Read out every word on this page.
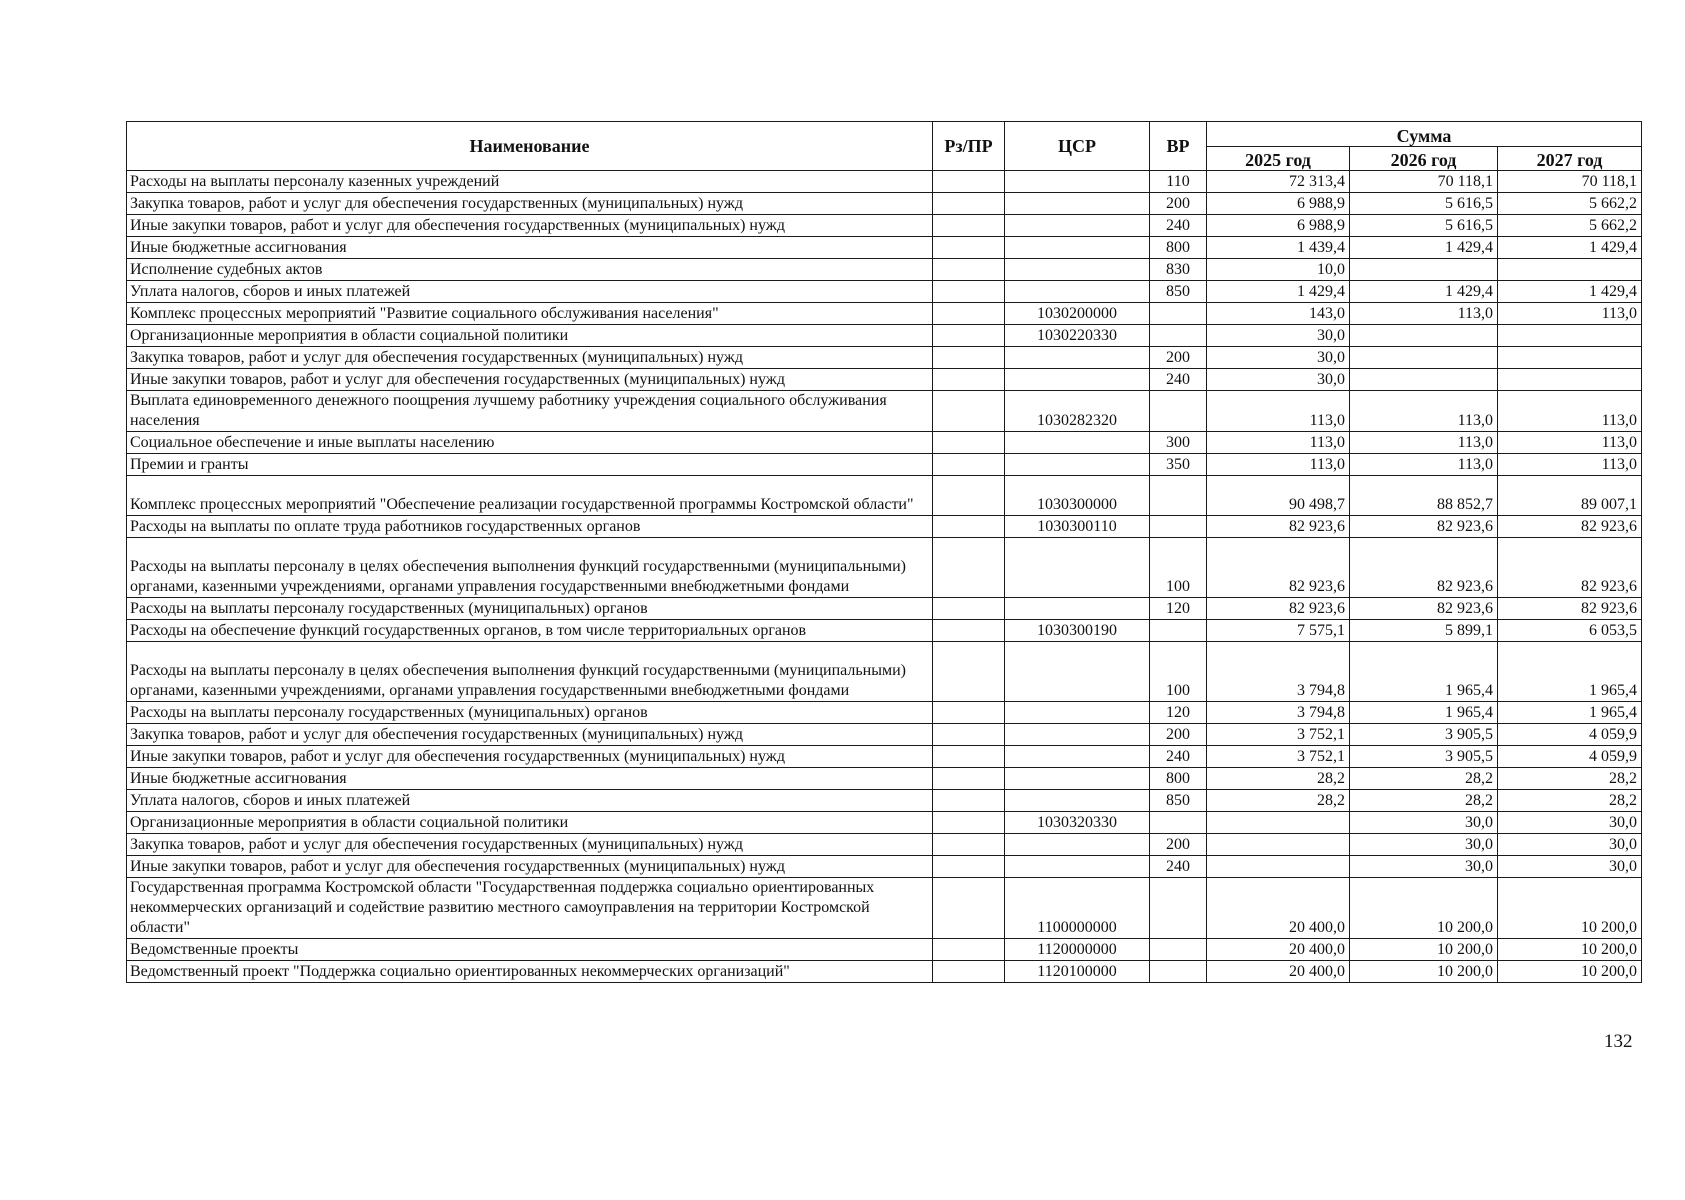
Наименование	Рз/ПР	ЦСР	ВР	Сумма		
				2025 год	2026 год	2027 год
Расходы на выплаты персоналу казенных учреждений			110	72 313,4	70 118,1	70 118,1
Закупка товаров, работ и услуг для обеспечения государственных (муниципальных) нужд			200	6 988,9	5 616,5	5 662,2
Иные закупки товаров, работ и услуг для обеспечения государственных (муниципальных) нужд			240	6 988,9	5 616,5	5 662,2
Иные бюджетные ассигнования			800	1 439,4	1 429,4	1 429,4
Исполнение судебных актов			830	10,0		
Уплата налогов, сборов и иных платежей			850	1 429,4	1 429,4	1 429,4
Комплекс процессных мероприятий "Развитие социального обслуживания населения"		1030200000		143,0	113,0	113,0
Организационные мероприятия в области социальной политики		1030220330		30,0		
Закупка товаров, работ и услуг для обеспечения государственных (муниципальных) нужд			200	30,0		
Иные закупки товаров, работ и услуг для обеспечения государственных (муниципальных) нужд			240	30,0		
Выплата единовременного денежного поощрения лучшему работнику учреждения социального обслуживания населения		1030282320		113,0	113,0	113,0
Социальное обеспечение и иные выплаты населению			300	113,0	113,0	113,0
Премии и гранты			350	113,0	113,0	113,0
Комплекс процессных мероприятий "Обеспечение реализации государственной программы Костромской области"		1030300000		90 498,7	88 852,7	89 007,1
Расходы на выплаты по оплате труда работников государственных органов		1030300110		82 923,6	82 923,6	82 923,6
Расходы на выплаты персоналу в целях обеспечения выполнения функций государственными (муниципальными) органами, казенными учреждениями, органами управления государственными внебюджетными фондами			100	82 923,6	82 923,6	82 923,6
Расходы на выплаты персоналу государственных (муниципальных) органов			120	82 923,6	82 923,6	82 923,6
Расходы на обеспечение функций государственных органов, в том числе территориальных органов		1030300190		7 575,1	5 899,1	6 053,5
Расходы на выплаты персоналу в целях обеспечения выполнения функций государственными (муниципальными) органами, казенными учреждениями, органами управления государственными внебюджетными фондами			100	3 794,8	1 965,4	1 965,4
Расходы на выплаты персоналу государственных (муниципальных) органов			120	3 794,8	1 965,4	1 965,4
Закупка товаров, работ и услуг для обеспечения государственных (муниципальных) нужд			200	3 752,1	3 905,5	4 059,9
Иные закупки товаров, работ и услуг для обеспечения государственных (муниципальных) нужд			240	3 752,1	3 905,5	4 059,9
Иные бюджетные ассигнования			800	28,2	28,2	28,2
Уплата налогов, сборов и иных платежей			850	28,2	28,2	28,2
Организационные мероприятия в области социальной политики		1030320330			30,0	30,0
Закупка товаров, работ и услуг для обеспечения государственных (муниципальных) нужд			200		30,0	30,0
Иные закупки товаров, работ и услуг для обеспечения государственных (муниципальных) нужд			240		30,0	30,0
Государственная программа Костромской области "Государственная поддержка социально ориентированных некоммерческих организаций и содействие развитию местного самоуправления на территории Костромской области"		1100000000		20 400,0	10 200,0	10 200,0
Ведомственные проекты		1120000000		20 400,0	10 200,0	10 200,0
Ведомственный проект "Поддержка социально ориентированных некоммерческих организаций"		1120100000		20 400,0	10 200,0	10 200,0
132
